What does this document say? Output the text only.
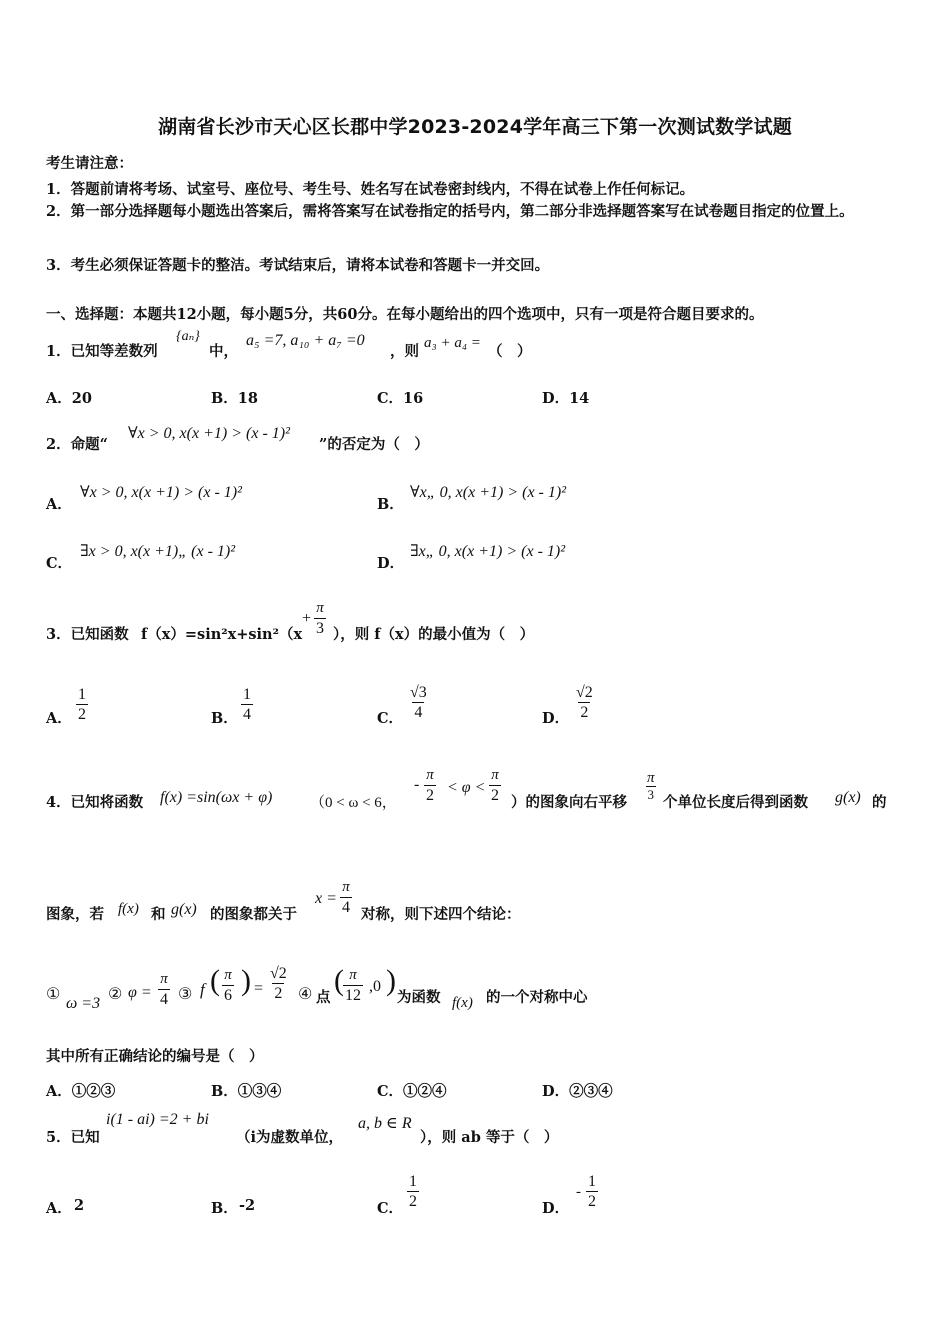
湖南省长沙市天心区长郡中学2023-2024学年高三下第一次测试数学试题
考生请注意：
1．答题前请将考场、试室号、座位号、考生号、姓名写在试卷密封线内，不得在试卷上作任何标记。
2．第一部分选择题每小题选出答案后，需将答案写在试卷指定的括号内，第二部分非选择题答案写在试卷题目指定的位置上。
3．考生必须保证答题卡的整洁。考试结束后，请将本试卷和答题卡一并交回。
一、选择题：本题共12小题，每小题5分，共60分。在每小题给出的四个选项中，只有一项是符合题目要求的。
1．已知等差数列
{aₙ}
中，
a₅ =7, a₁₀ + a₇ =0
，则 a₃ + a₄ = （　）
A．20	B．18	C．16	D．14
2．命题“
∀x > 0, x(x +1) > (x - 1)²
”的否定为（　）
A．
∀x > 0, x(x +1) > (x - 1)²
B．
∀x„ 0, x(x +1) > (x - 1)²
C．
∃x > 0, x(x +1)„ (x - 1)²
D．
∃x„ 0, x(x +1) > (x - 1)²
3．已知函数 f（x）=sin²x+sin²（x
+ $\frac{\pi}{3}$ ），则 f（x）的最小值为（　）
A． $\frac{1}{2}$	B． $\frac{1}{4}$	C． $\frac{√3}{4}$	D． $\frac{√2}{2}$
4．已知将函数 f(x) =sin(ωx + φ)	（0 < ω < 6，
- $\frac{\pi}{2} < \varphi < \frac{\pi}{2}$ ）的图象向右平移
$\frac{\pi}{3}$
个单位长度后得到函数 g(x) 的
图象，若 f(x) 和 g(x) 的图象都关于
$x = \frac{\pi}{4}$ 对称，则下述四个结论：
①
ω =3
② $\varphi = \frac{\pi}{4}$ ③ f ( $\frac{\pi}{6}$ ) = $\frac{√2}{2}$ ④ 点
( $\frac{\pi}{12} ,0$ )
为函数 f(x) 的一个对称中心
其中所有正确结论的编号是（　）
A．①②③	B．①③④	C．①②④	D．②③④
5．已知
i(1 - ai) =2 + bi
（i为虚数单位，
a, b ∈ R
），则 ab 等于（　）
A． 2	B． -2	C． $\frac{1}{2}$	D．
- $\frac{1}{2}$
